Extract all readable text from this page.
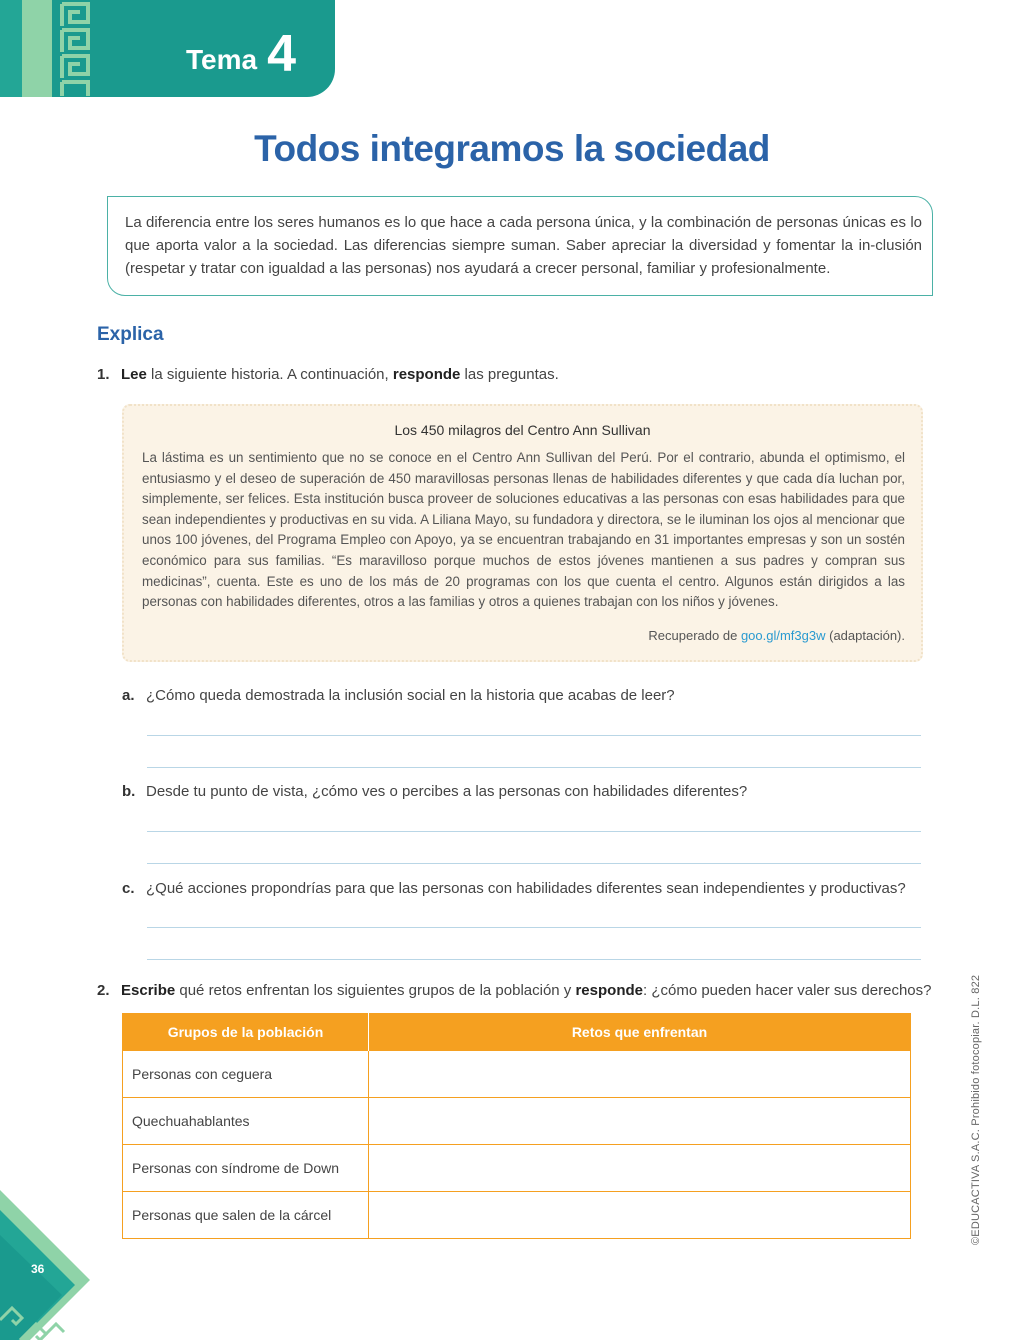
Tema 4
Todos integramos la sociedad
La diferencia entre los seres humanos es lo que hace a cada persona única, y la combinación de personas únicas es lo que aporta valor a la sociedad. Las diferencias siempre suman. Saber apreciar la diversidad y fomentar la in-clusión (respetar y tratar con igualdad a las personas) nos ayudará a crecer personal, familiar y profesionalmente.
Explica
1. Lee la siguiente historia. A continuación, responde las preguntas.
Los 450 milagros del Centro Ann Sullivan
La lástima es un sentimiento que no se conoce en el Centro Ann Sullivan del Perú. Por el contrario, abunda el optimismo, el entusiasmo y el deseo de superación de 450 maravillosas personas llenas de habilidades diferentes y que cada día luchan por, simplemente, ser felices. Esta institución busca proveer de soluciones educativas a las personas con esas habilidades para que sean independientes y productivas en su vida. A Liliana Mayo, su fundadora y directora, se le iluminan los ojos al mencionar que unos 100 jóvenes, del Programa Empleo con Apoyo, ya se encuentran trabajando en 31 importantes empresas y son un sostén económico para sus familias. “Es maravilloso porque muchos de estos jóvenes mantienen a sus padres y compran sus medicinas”, cuenta. Este es uno de los más de 20 programas con los que cuenta el centro. Algunos están dirigidos a las personas con habilidades diferentes, otros a las familias y otros a quienes trabajan con los niños y jóvenes.
Recuperado de goo.gl/mf3g3w (adaptación).
a. ¿Cómo queda demostrada la inclusión social en la historia que acabas de leer?
b. Desde tu punto de vista, ¿cómo ves o percibes a las personas con habilidades diferentes?
c. ¿Qué acciones propondrías para que las personas con habilidades diferentes sean independientes y productivas?
2. Escribe qué retos enfrentan los siguientes grupos de la población y responde: ¿cómo pueden hacer valer sus derechos?
Grupos de la población	Retos que enfrentan
Personas con ceguera	
Quechuahablantes	
Personas con síndrome de Down	
Personas que salen de la cárcel		©EDUCACTIVA S.A.C. Prohibido fotocopiar. D.L. 822
36
